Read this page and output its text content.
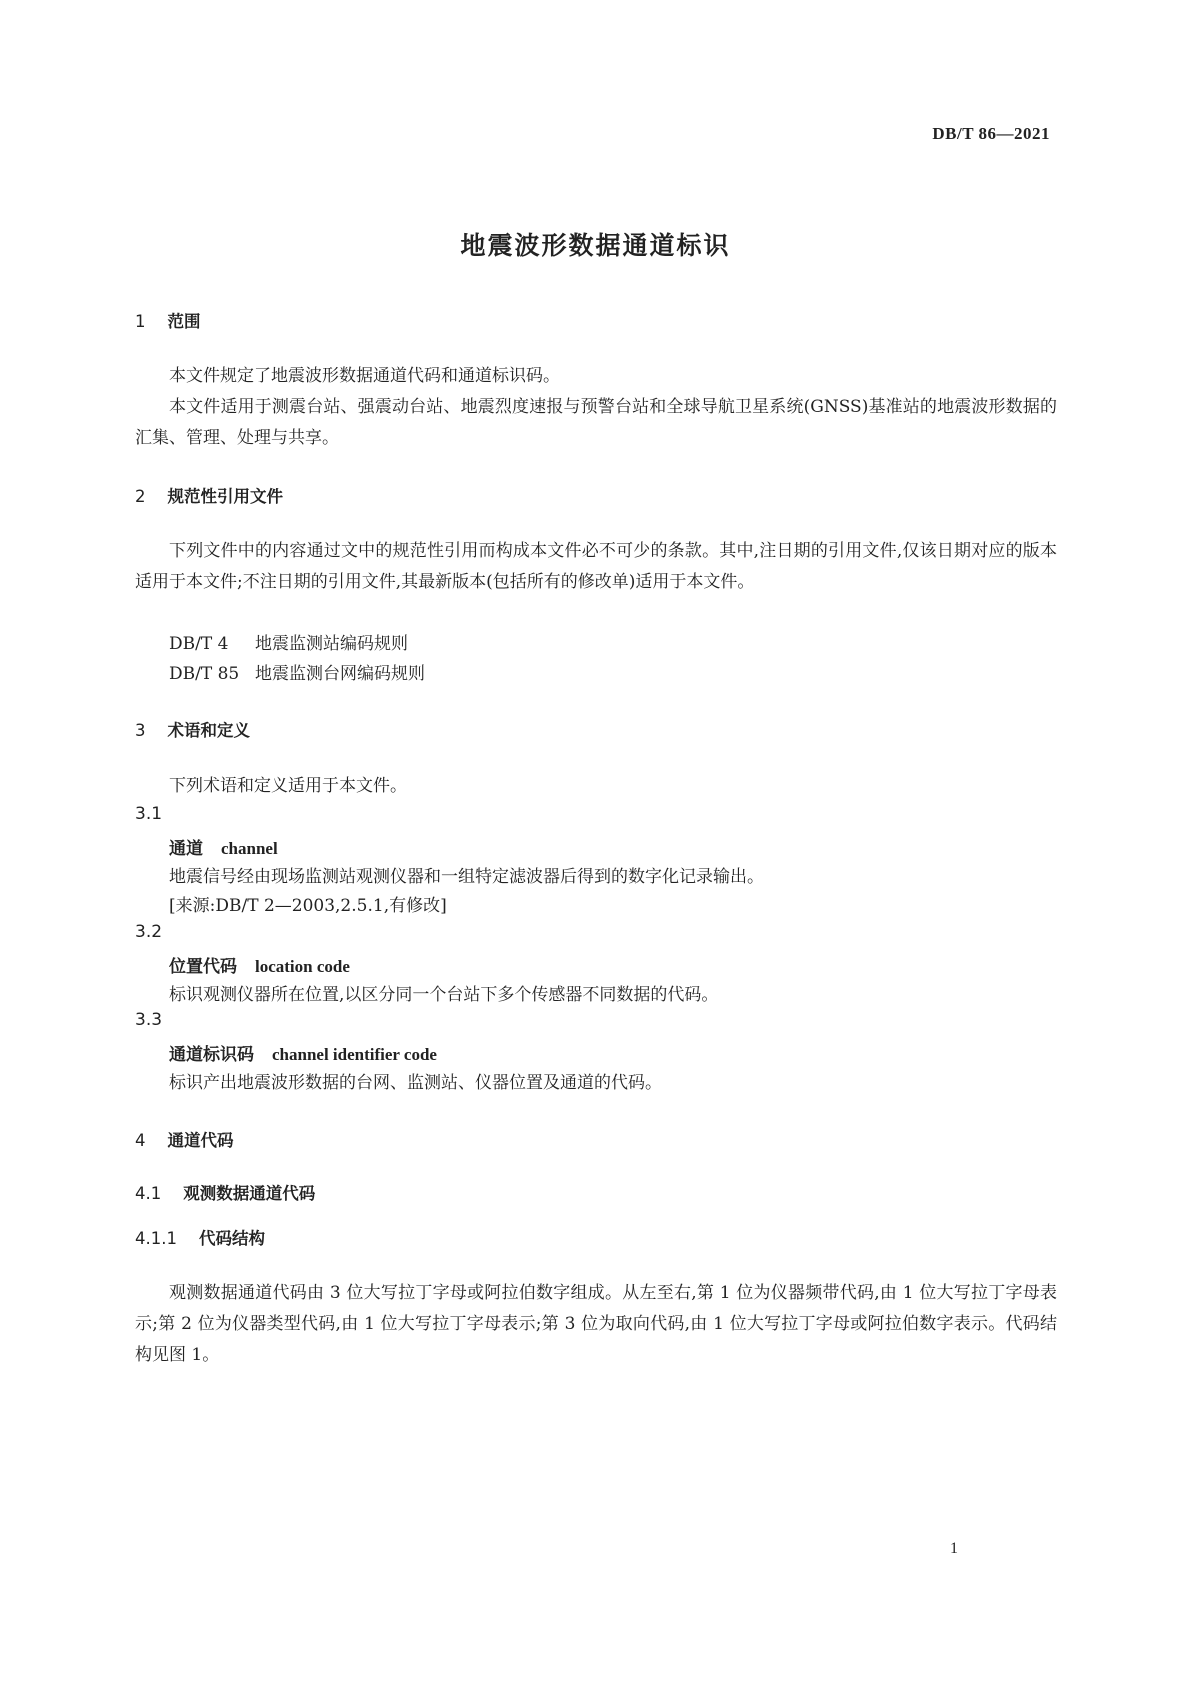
DB/T 86—2021
地震波形数据通道标识
1 范围

本文件规定了地震波形数据通道代码和通道标识码。

本文件适用于测震台站、强震动台站、地震烈度速报与预警台站和全球导航卫星系统(GNSS)基准站的地震波形数据的汇集、管理、处理与共享。

2 规范性引用文件

下列文件中的内容通过文中的规范性引用而构成本文件必不可少的条款。其中,注日期的引用文件,仅该日期对应的版本适用于本文件;不注日期的引用文件,其最新版本(包括所有的修改单)适用于本文件。

DB/T 4 地震监测站编码规则
DB/T 85 地震监测台网编码规则
3 术语和定义

下列术语和定义适用于本文件。

3.1
通道 channel
地震信号经由现场监测站观测仪器和一组特定滤波器后得到的数字化记录输出。
[来源:DB/T 2—2003,2.5.1,有修改]
3.2
位置代码 location code
标识观测仪器所在位置,以区分同一个台站下多个传感器不同数据的代码。
3.3
通道标识码 channel identifier code
标识产出地震波形数据的台网、监测站、仪器位置及通道的代码。
4 通道代码
4.1 观测数据通道代码
4.1.1 代码结构

观测数据通道代码由 3 位大写拉丁字母或阿拉伯数字组成。从左至右,第 1 位为仪器频带代码,由 1 位大写拉丁字母表示;第 2 位为仪器类型代码,由 1 位大写拉丁字母表示;第 3 位为取向代码,由 1 位大写拉丁字母或阿拉伯数字表示。代码结构见图 1。

1
